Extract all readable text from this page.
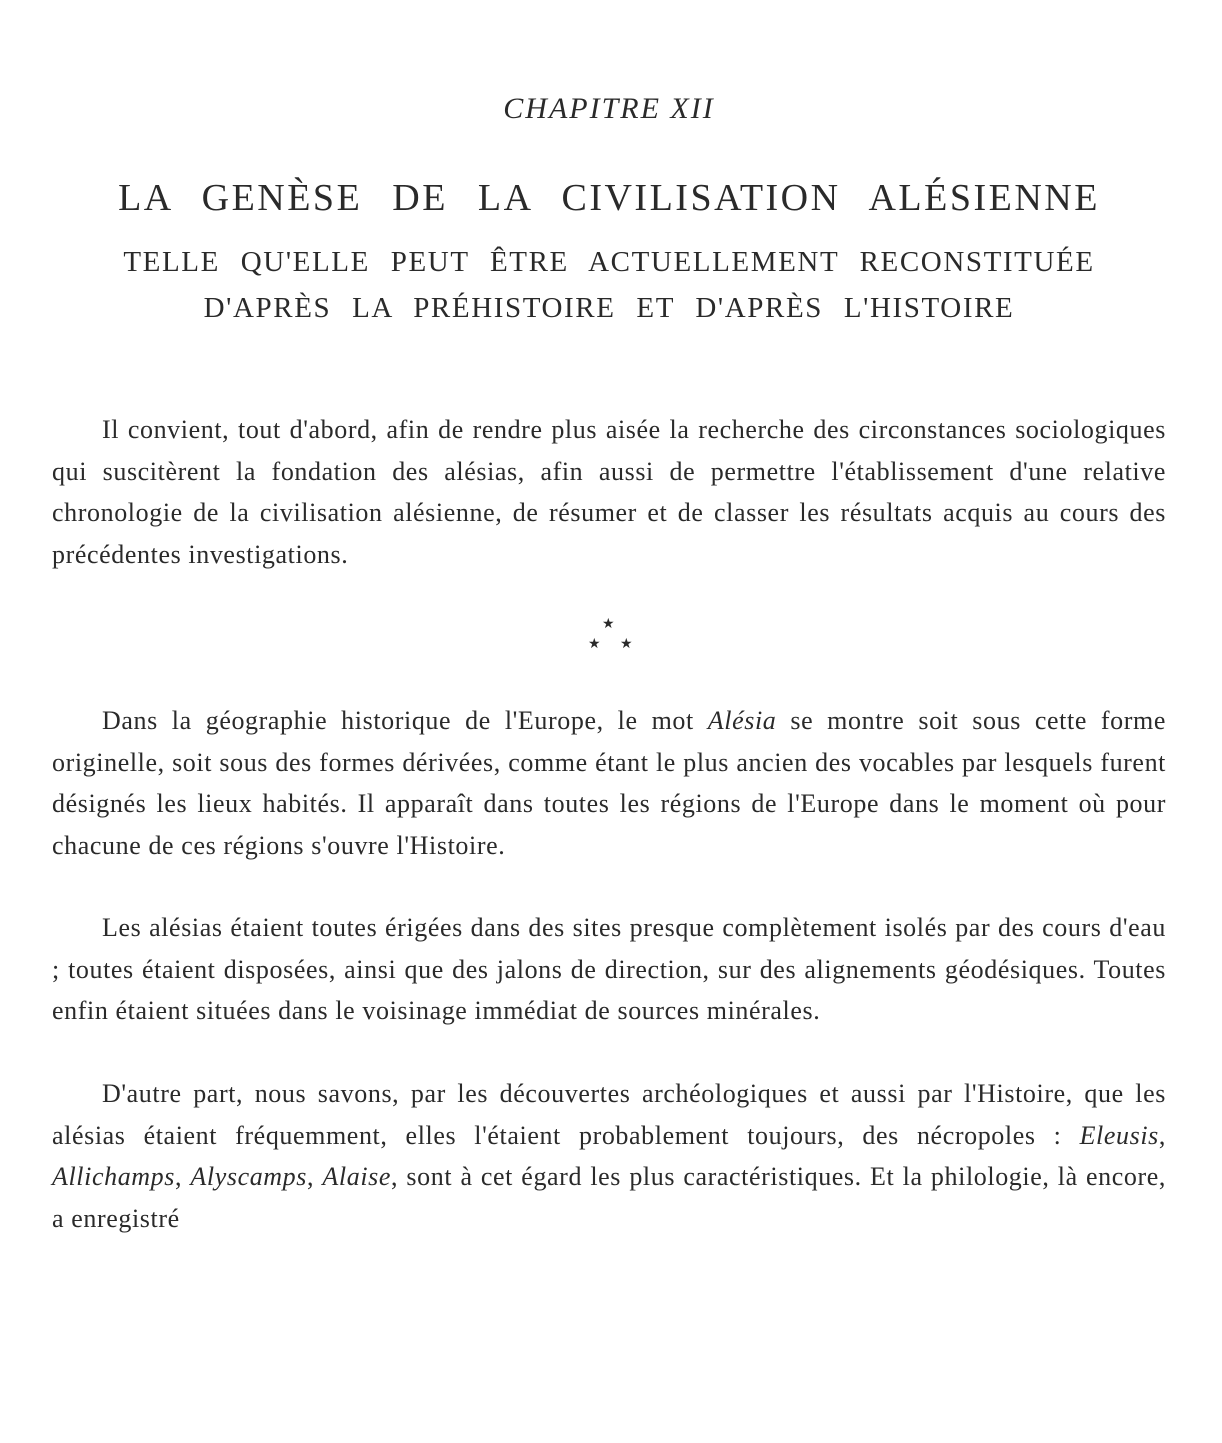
CHAPITRE XII
LA GENÈSE DE LA CIVILISATION ALÉSIENNE
TELLE QU'ELLE PEUT ÊTRE ACTUELLEMENT RECONSTITUÉE
D'APRÈS LA PRÉHISTOIRE ET D'APRÈS L'HISTOIRE

Il convient, tout d'abord, afin de rendre plus aisée la recherche des circonstances sociologiques qui suscitèrent la fondation des alésias, afin aussi de permettre l'établissement d'une relative chronologie de la civilisation alésienne, de résumer et de classer les résultats acquis au cours des précédentes investigations.

★
★ ★

Dans la géographie historique de l'Europe, le mot Alésia se montre soit sous cette forme originelle, soit sous des formes dérivées, comme étant le plus ancien des vocables par lesquels furent désignés les lieux habités. Il apparaît dans toutes les régions de l'Europe dans le moment où pour chacune de ces régions s'ouvre l'Histoire.

Les alésias étaient toutes érigées dans des sites presque complètement isolés par des cours d'eau ; toutes étaient disposées, ainsi que des jalons de direction, sur des alignements géodésiques. Toutes enfin étaient situées dans le voisinage immédiat de sources minérales.

D'autre part, nous savons, par les découvertes archéologiques et aussi par l'Histoire, que les alésias étaient fréquemment, elles l'étaient probablement toujours, des nécropoles : Eleusis, Allichamps, Alyscamps, Alaise, sont à cet égard les plus caractéristiques. Et la philologie, là encore, a enregistré
